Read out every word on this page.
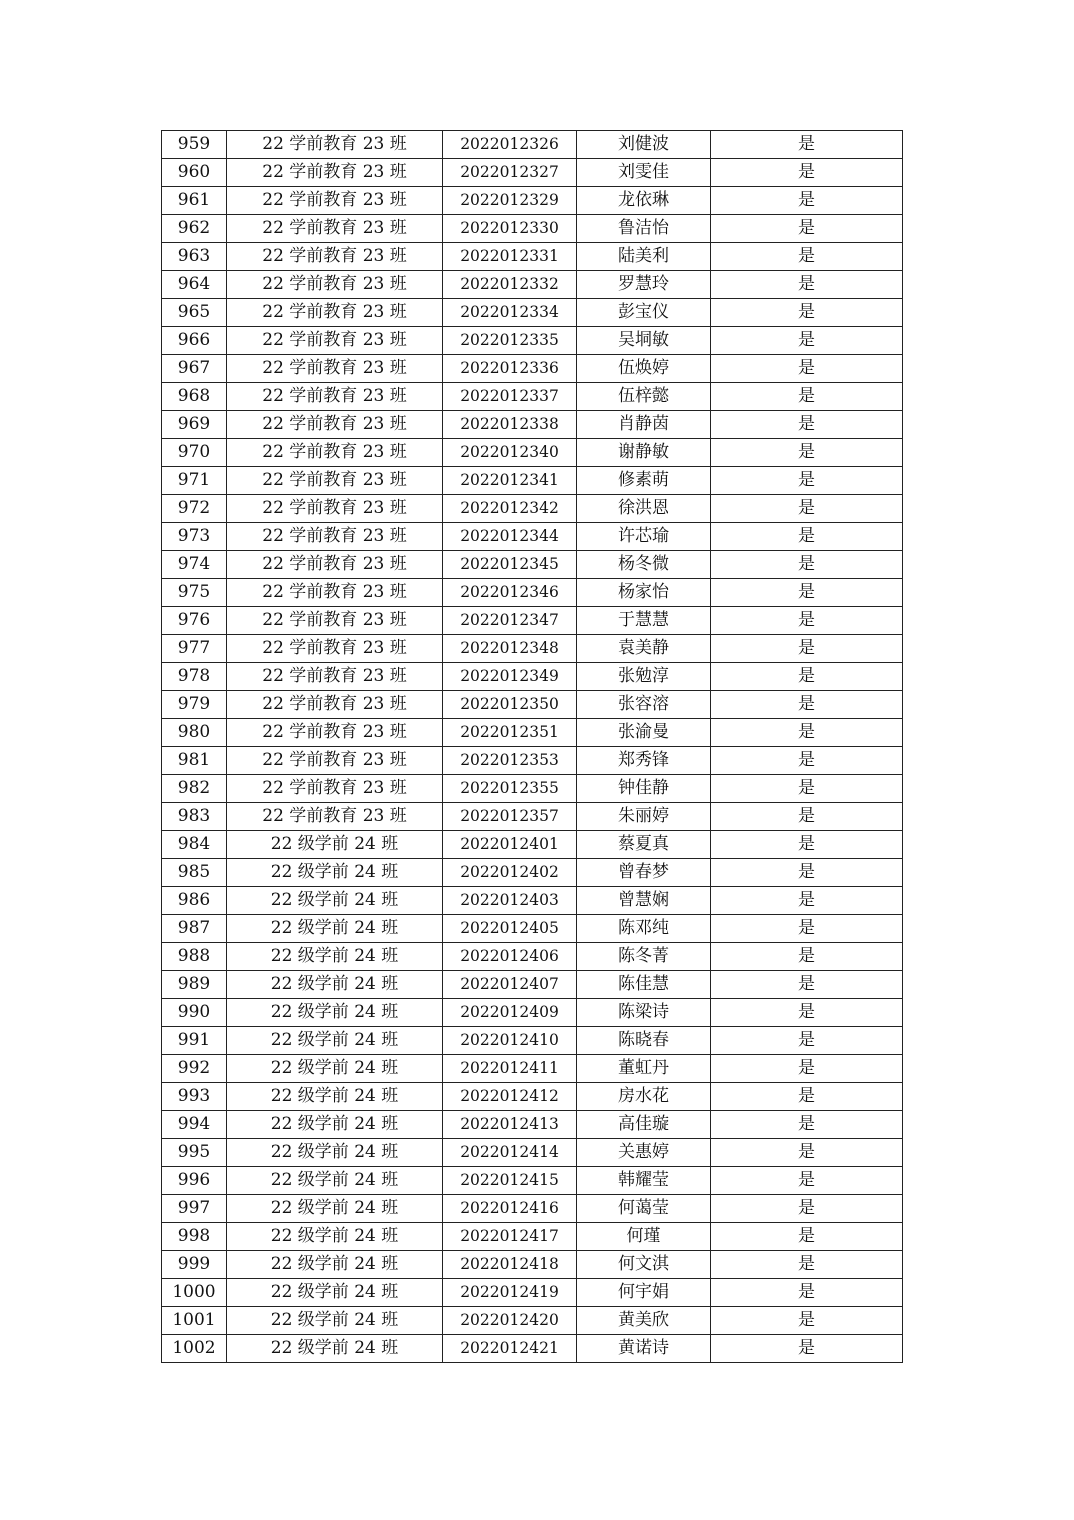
959	22 学前教育 23 班	2022012326	刘健波	是
960	22 学前教育 23 班	2022012327	刘雯佳	是
961	22 学前教育 23 班	2022012329	龙依琳	是
962	22 学前教育 23 班	2022012330	鲁洁怡	是
963	22 学前教育 23 班	2022012331	陆美利	是
964	22 学前教育 23 班	2022012332	罗慧玲	是
965	22 学前教育 23 班	2022012334	彭宝仪	是
966	22 学前教育 23 班	2022012335	吴垌敏	是
967	22 学前教育 23 班	2022012336	伍焕婷	是
968	22 学前教育 23 班	2022012337	伍梓懿	是
969	22 学前教育 23 班	2022012338	肖静茵	是
970	22 学前教育 23 班	2022012340	谢静敏	是
971	22 学前教育 23 班	2022012341	修素萌	是
972	22 学前教育 23 班	2022012342	徐洪恩	是
973	22 学前教育 23 班	2022012344	许芯瑜	是
974	22 学前教育 23 班	2022012345	杨冬微	是
975	22 学前教育 23 班	2022012346	杨家怡	是
976	22 学前教育 23 班	2022012347	于慧慧	是
977	22 学前教育 23 班	2022012348	袁美静	是
978	22 学前教育 23 班	2022012349	张勉淳	是
979	22 学前教育 23 班	2022012350	张容溶	是
980	22 学前教育 23 班	2022012351	张渝曼	是
981	22 学前教育 23 班	2022012353	郑秀锋	是
982	22 学前教育 23 班	2022012355	钟佳静	是
983	22 学前教育 23 班	2022012357	朱丽婷	是
984	22 级学前 24 班	2022012401	蔡夏真	是
985	22 级学前 24 班	2022012402	曾春梦	是
986	22 级学前 24 班	2022012403	曾慧娴	是
987	22 级学前 24 班	2022012405	陈邓纯	是
988	22 级学前 24 班	2022012406	陈冬菁	是
989	22 级学前 24 班	2022012407	陈佳慧	是
990	22 级学前 24 班	2022012409	陈梁诗	是
991	22 级学前 24 班	2022012410	陈晓春	是
992	22 级学前 24 班	2022012411	董虹丹	是
993	22 级学前 24 班	2022012412	房水花	是
994	22 级学前 24 班	2022012413	高佳璇	是
995	22 级学前 24 班	2022012414	关惠婷	是
996	22 级学前 24 班	2022012415	韩耀莹	是
997	22 级学前 24 班	2022012416	何蔼莹	是
998	22 级学前 24 班	2022012417	何瑾	是
999	22 级学前 24 班	2022012418	何文淇	是
1000	22 级学前 24 班	2022012419	何宇娟	是
1001	22 级学前 24 班	2022012420	黄美欣	是
1002	22 级学前 24 班	2022012421	黄诺诗	是
